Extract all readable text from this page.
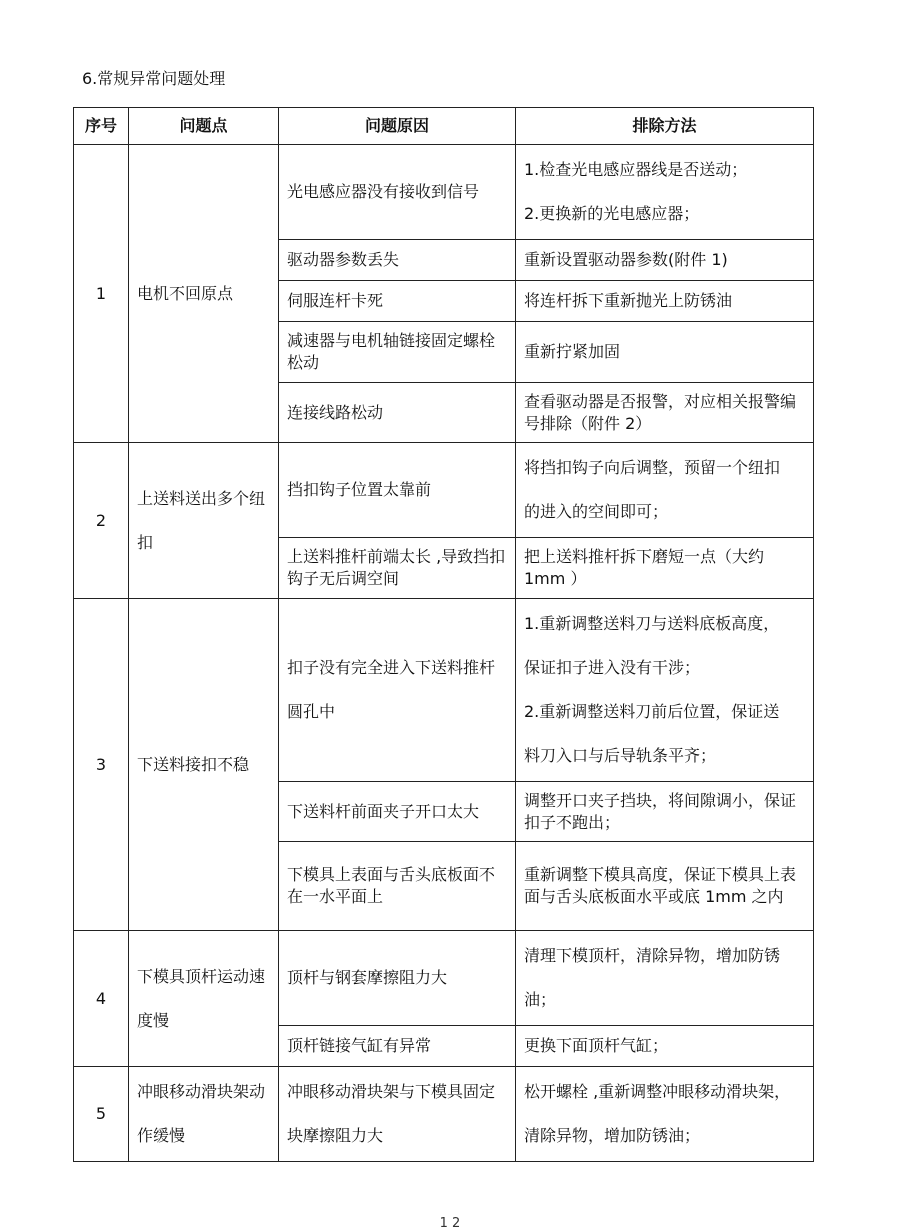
6.常规异常问题处理
序号	问题点	问题原因	排除方法
1	电机不回原点	光电感应器没有接收到信号	1.检查光电感应器线是否送动；
2.更换新的光电感应器；

		驱动器参数丢失	重新设置驱动器参数(附件 1)
		伺服连杆卡死	将连杆拆下重新抛光上防锈油
		减速器与电机轴链接固定螺栓松动	重新拧紧加固
		连接线路松动	查看驱动器是否报警，对应相关报警编号排除（附件 2）
2	上送料送出多个纽扣	挡扣钩子位置太靠前	将挡扣钩子向后调整，预留一个纽扣
的进入的空间即可；

		上送料推杆前端太长 ,导致挡扣钩子无后调空间	把上送料推杆拆下磨短一点（大约 1mm ）
3	下送料接扣不稳	扣子没有完全进入下送料推杆圆孔中	1.重新调整送料刀与送料底板高度，
保证扣子进入没有干涉；
2.重新调整送料刀前后位置，保证送
料刀入口与后导轨条平齐；

		下送料杆前面夹子开口太大	调整开口夹子挡块，将间隙调小，保证扣子不跑出；
		下模具上表面与舌头底板面不在一水平面上	重新调整下模具高度，保证下模具上表面与舌头底板面水平或底 1mm 之内
4	下模具顶杆运动速度慢	顶杆与钢套摩擦阻力大	清理下模顶杆，清除异物，增加防锈
油；

		顶杆链接气缸有异常	更换下面顶杆气缸；
5	冲眼移动滑块架动作缓慢	冲眼移动滑块架与下模具固定块摩擦阻力大	松开螺栓 ,重新调整冲眼移动滑块架，
清除异物，增加防锈油；
1 2
